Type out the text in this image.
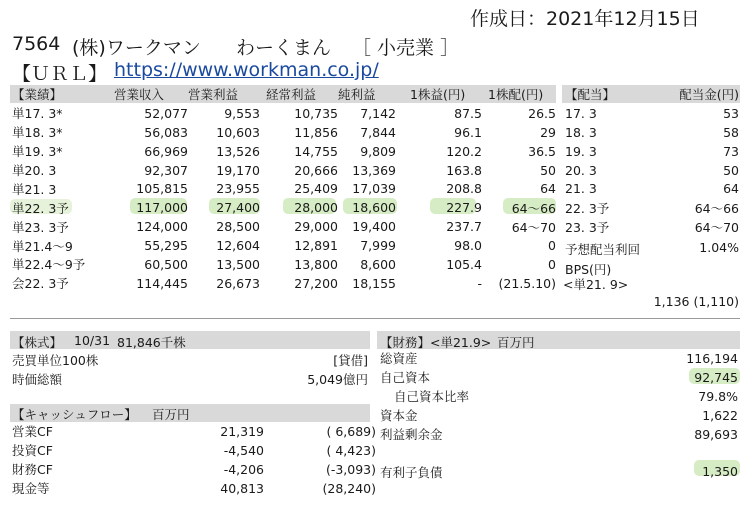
作成日：2021年12月15日
7564 (株)ワークマン わーくまん ［ 小売業 ］
【ＵＲＬ】 https://www.workman.co.jp/
【業績】	営業収入	営業利益	経常利益	純利益	1株益(円)	1株配(円)
単17. 3*	52,077	9,553	10,735	7,142	87.5	26.5
単18. 3*	56,083	10,603	11,856	7,844	96.1	29
単19. 3*	66,969	13,526	14,755	9,809	120.2	36.5
単20. 3	92,307	19,170	20,666	13,369	163.8	50
単21. 3	105,815	23,955	25,409	17,039	208.8	64
単22. 3予	117,000	27,400	28,000	18,600	227.9	64〜66
単23. 3予	124,000	28,500	29,000	19,400	237.7	64〜70
単21.4〜9	55,295	12,604	12,891	7,999	98.0	0
単22.4〜9予	60,500	13,500	13,800	8,600	105.4	0
会22. 3予	114,445	26,673	27,200	18,155	-	(21.5.10)
【配当】	配当金(円)
17. 3	53
18. 3	58
19. 3	73
20. 3	50
21. 3	64
22. 3予	64〜66
23. 3予	64〜70
予想配当利回	1.04%
BPS(円)
<単21. 9>
1,136 (1,110)
【株式】 10/31 81,846千株
売買単位100株	[貸借]
時価総額	5,049億円
【キャッシュフロー】 百万円
営業CF	21,319	( 6,689)
投資CF	-4,540	( 4,423)
財務CF	-4,206	(-3,093)
現金等	40,813	(28,240)
【財務】<単21.9> 百万円
総資産	116,194
自己資本	92,745
自己資本比率	79.8%
資本金	1,622
利益剰余金	89,693

有利子負債	1,350
